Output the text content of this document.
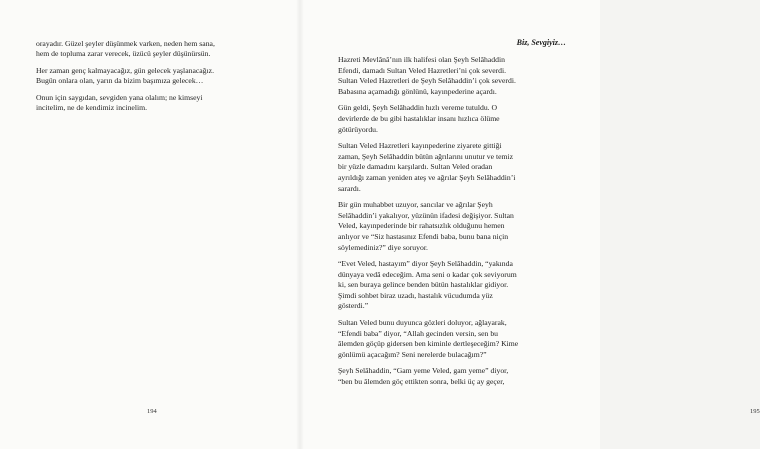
orayadır. Güzel şeyler düşünmek varken, neden hem sana,
hem de topluma zarar verecek, üzücü şeyler düşünürsün.

Her zaman genç kalmayacağız, gün gelecek yaşlanacağız.
Bugün onlara olan, yarın da bizim başımıza gelecek…

Onun için saygıdan, sevgiden yana olalım; ne kimseyi
incitelim, ne de kendimiz incinelim.

194	195
Biz, Sevgiyiz…

Hazreti Mevlânâ’nın ilk halifesi olan Şeyh Selâhaddin
Efendi, damadı Sultan Veled Hazretleri’ni çok severdi.
Sultan Veled Hazretleri de Şeyh Selâhaddin’i çok severdi.
Babasına açamadığı gönlünü, kayınpederine açardı.

Gün geldi, Şeyh Selâhaddin hızlı vereme tutuldu. O
devirlerde de bu gibi hastalıklar insanı hızlıca ölüme
götürüyordu.

Sultan Veled Hazretleri kayınpederine ziyarete gittiği
zaman, Şeyh Selâhaddin bütün ağrılarını unutur ve temiz
bir yüzle damadını karşılardı. Sultan Veled oradan
ayrıldığı zaman yeniden ateş ve ağrılar Şeyh Selâhaddin’i
sarardı.

Bir gün muhabbet uzuyor, sancılar ve ağrılar Şeyh
Selâhaddin’i yakalıyor, yüzünün ifadesi değişiyor. Sultan
Veled, kayınpederinde bir rahatsızlık olduğunu hemen
anlıyor ve “Siz hastasınız Efendi baba, bunu bana niçin
söylemediniz?” diye soruyor.

“Evet Veled, hastayım” diyor Şeyh Selâhaddin, “yakında
dünyaya vedâ edeceğim. Ama seni o kadar çok seviyorum
ki, sen buraya gelince benden bütün hastalıklar gidiyor.
Şimdi sohbet biraz uzadı, hastalık vücudumda yüz
gösterdi.”

Sultan Veled bunu duyunca gözleri doluyor, ağlayarak,
“Efendi baba” diyor, “Allah gecinden versin, sen bu
âlemden göçüp gidersen ben kiminle dertleşeceğim? Kime
gönlümü açacağım? Seni nerelerde bulacağım?”

Şeyh Selâhaddin, “Gam yeme Veled, gam yeme” diyor,
“ben bu âlemden göç ettikten sonra, belki üç ay geçer,
